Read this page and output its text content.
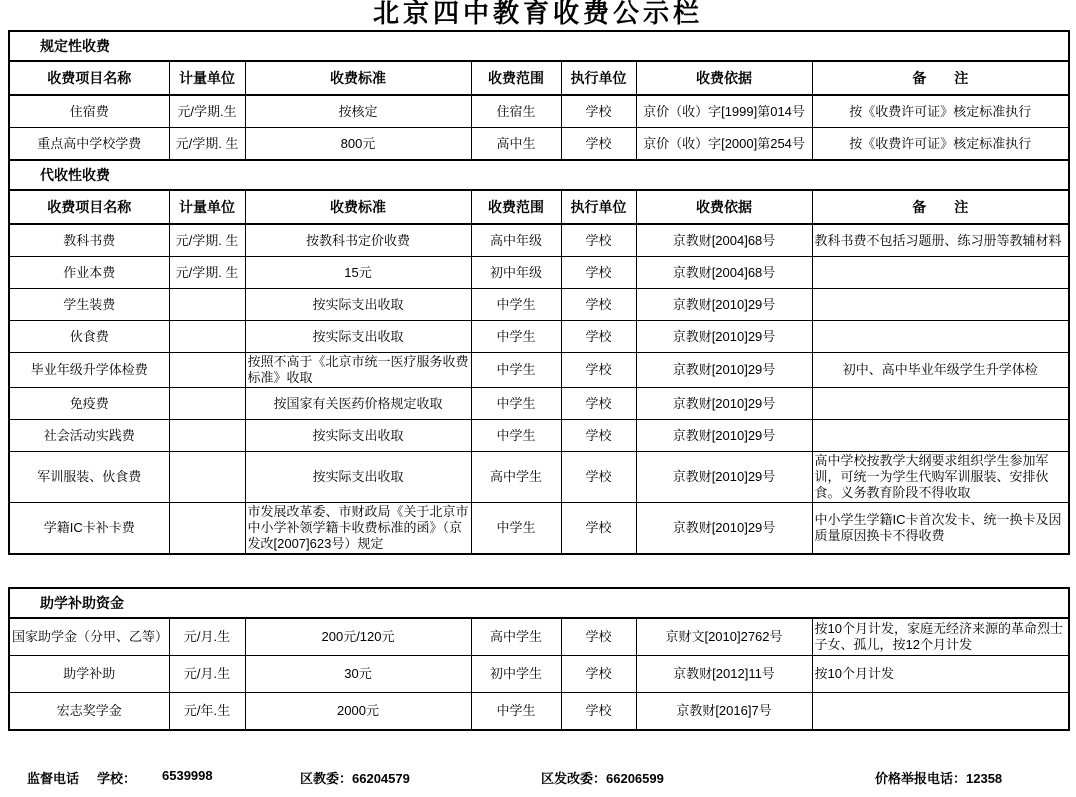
北京四中教育收费公示栏
规定性收费						
收费项目名称	计量单位	收费标准	收费范围	执行单位	收费依据	备　　注
住宿费	元/学期.生	按核定	住宿生	学校	京价（收）字[1999]第014号	按《收费许可证》核定标准执行
重点高中学校学费	元/学期. 生	800元	高中生	学校	京价（收）字[2000]第254号	按《收费许可证》核定标准执行
代收性收费						
收费项目名称	计量单位	收费标准	收费范围	执行单位	收费依据	备　　注
教科书费	元/学期. 生	按教科书定价收费	高中年级	学校	京教财[2004]68号	教科书费不包括习题册、练习册等教辅材料
作业本费	元/学期. 生	15元	初中年级	学校	京教财[2004]68号	
学生装费		按实际支出收取	中学生	学校	京教财[2010]29号	
伙食费		按实际支出收取	中学生	学校	京教财[2010]29号	
毕业年级升学体检费		按照不高于《北京市统一医疗服务收费标准》收取	中学生	学校	京教财[2010]29号	初中、高中毕业年级学生升学体检
免疫费		按国家有关医药价格规定收取	中学生	学校	京教财[2010]29号	
社会活动实践费		按实际支出收取	中学生	学校	京教财[2010]29号	
军训服装、伙食费		按实际支出收取	高中学生	学校	京教财[2010]29号	高中学校按教学大纲要求组织学生参加军训，可统一为学生代购军训服装、安排伙食。义务教育阶段不得收取
学籍IC卡补卡费		市发展改革委、市财政局《关于北京市中小学补领学籍卡收费标准的函》（京发改[2007]623号）规定	中学生	学校	京教财[2010]29号	中小学生学籍IC卡首次发卡、统一换卡及因质量原因换卡不得收费
助学补助资金						
国家助学金（分甲、乙等）	元/月.生	200元/120元	高中学生	学校	京财文[2010]2762号	按10个月计发，家庭无经济来源的革命烈士子女、孤儿，按12个月计发
助学补助	元/月.生	30元	初中学生	学校	京教财[2012]11号	按10个月计发
宏志奖学金	元/年.生	2000元	中学生	学校	京教财[2016]7号	
监督电话 学校： 6539998	区教委：66204579	区发改委：66206599	价格举报电话：12358
